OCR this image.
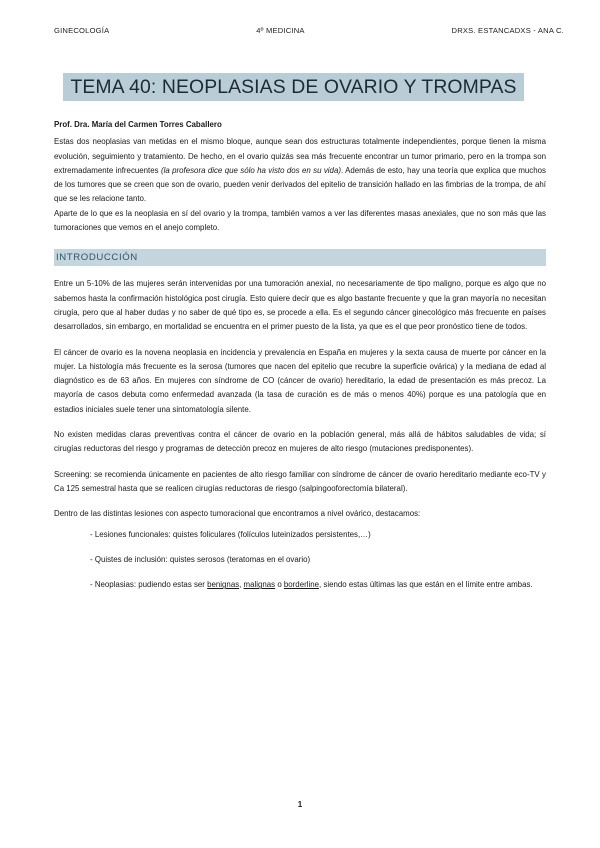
GINECOLOGÍA	4º MEDICINA	DRXS. ESTANCADXS - ANA C.
TEMA 40: NEOPLASIAS DE OVARIO Y TROMPAS

Prof. Dra. María del Carmen Torres Caballero

Estas dos neoplasias van metidas en el mismo bloque, aunque sean dos estructuras totalmente independientes, porque tienen la misma evolución, seguimiento y tratamiento. De hecho, en el ovario quizás sea más frecuente encontrar un tumor primario, pero en la trompa son extremadamente infrecuentes (la profesora dice que sólo ha visto dos en su vida). Además de esto, hay una teoría que explica que muchos de los tumores que se creen que son de ovario, pueden venir derivados del epitelio de transición hallado en las fimbrias de la trompa, de ahí que se les relacione tanto.

Aparte de lo que es la neoplasia en sí del ovario y la trompa, también vamos a ver las diferentes masas anexiales, que no son más que las tumoraciones que vemos en el anejo completo.

INTRODUCCIÓN

Entre un 5-10% de las mujeres serán intervenidas por una tumoración anexial, no necesariamente de tipo maligno, porque es algo que no sabemos hasta la confirmación histológica post cirugía. Esto quiere decir que es algo bastante frecuente y que la gran mayoría no necesitan cirugía, pero que al haber dudas y no saber de qué tipo es, se procede a ella. Es el segundo cáncer ginecológico más frecuente en países desarrollados, sin embargo, en mortalidad se encuentra en el primer puesto de la lista, ya que es el que peor pronóstico tiene de todos.

El cáncer de ovario es la novena neoplasia en incidencia y prevalencia en España en mujeres y la sexta causa de muerte por cáncer en la mujer. La histología más frecuente es la serosa (tumores que nacen del epitelio que recubre la superficie ovárica) y la mediana de edad al diagnóstico es de 63 años. En mujeres con síndrome de CO (cáncer de ovario) hereditario, la edad de presentación es más precoz. La mayoría de casos debuta como enfermedad avanzada (la tasa de curación es de más o menos 40%) porque es una patología que en estadios iniciales suele tener una sintomatología silente.

No existen medidas claras preventivas contra el cáncer de ovario en la población general, más allá de hábitos saludables de vida; sí cirugías reductoras del riesgo y programas de detección precoz en mujeres de alto riesgo (mutaciones predisponentes).

Screening: se recomienda únicamente en pacientes de alto riesgo familiar con síndrome de cáncer de ovario hereditario mediante eco-TV y Ca 125 semestral hasta que se realicen cirugías reductoras de riesgo (salpingooforectomía bilateral).

Dentro de las distintas lesiones con aspecto tumoracional que encontramos a nivel ovárico, destacamos:

- Lesiones funcionales: quistes foliculares (folículos luteinizados persistentes,…)

- Quistes de inclusión: quistes serosos (teratomas en el ovario)

- Neoplasias: pudiendo estas ser benignas, malignas o borderline, siendo estas últimas las que están en el límite entre ambas.

1
